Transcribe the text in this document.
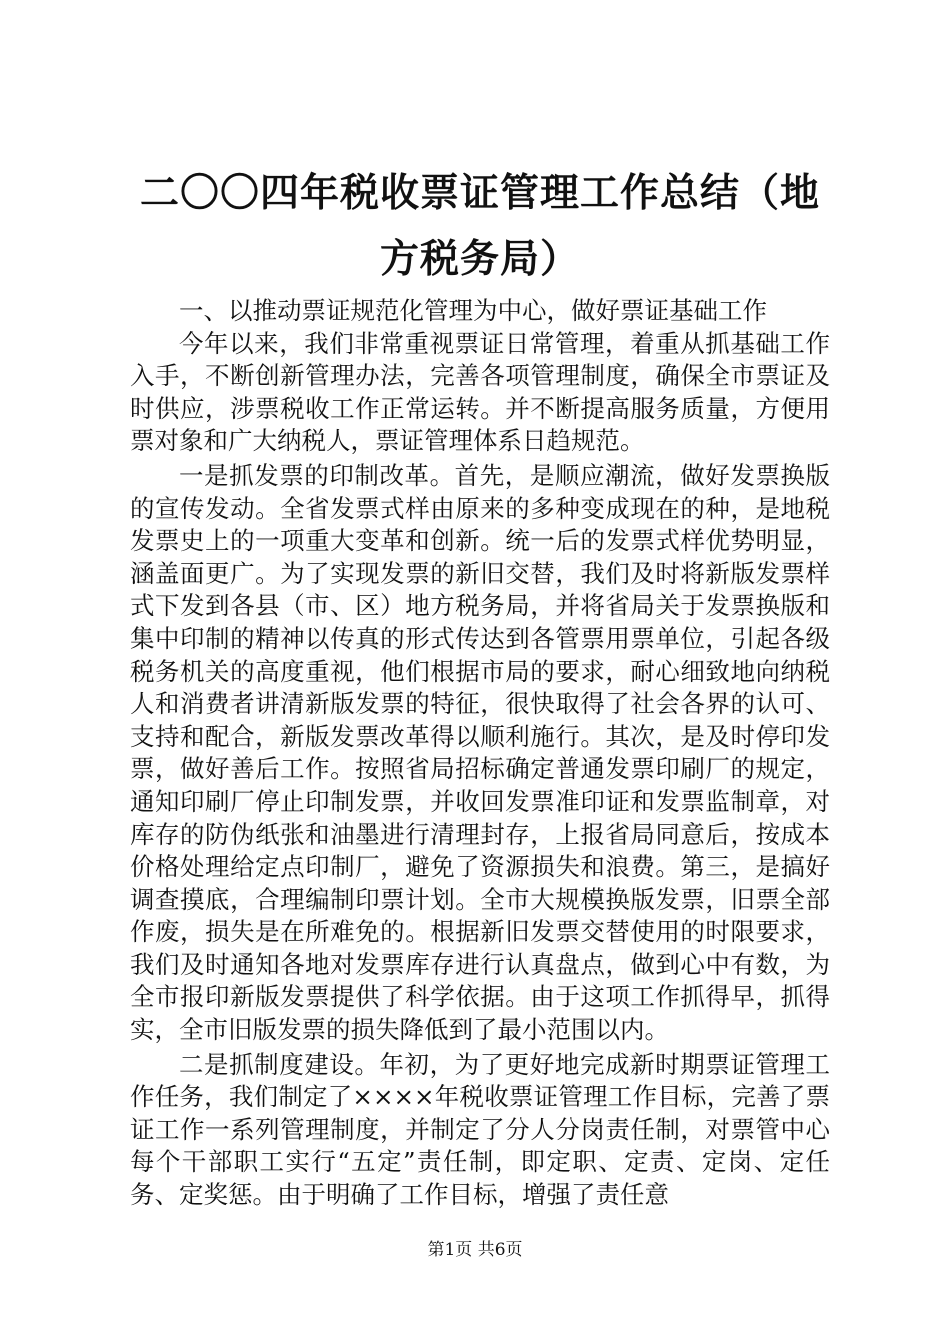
二〇〇四年税收票证管理工作总结（地方税务局）

一、以推动票证规范化管理为中心，做好票证基础工作

今年以来，我们非常重视票证日常管理，着重从抓基础工作入手，不断创新管理办法，完善各项管理制度，确保全市票证及时供应，涉票税收工作正常运转。并不断提高服务质量，方便用票对象和广大纳税人，票证管理体系日趋规范。

一是抓发票的印制改革。首先，是顺应潮流，做好发票换版的宣传发动。全省发票式样由原来的多种变成现在的种，是地税发票史上的一项重大变革和创新。统一后的发票式样优势明显，涵盖面更广。为了实现发票的新旧交替，我们及时将新版发票样式下发到各县（市、区）地方税务局，并将省局关于发票换版和集中印制的精神以传真的形式传达到各管票用票单位，引起各级税务机关的高度重视，他们根据市局的要求，耐心细致地向纳税人和消费者讲清新版发票的特征，很快取得了社会各界的认可、支持和配合，新版发票改革得以顺利施行。其次，是及时停印发票，做好善后工作。按照省局招标确定普通发票印刷厂的规定，通知印刷厂停止印制发票，并收回发票准印证和发票监制章，对库存的防伪纸张和油墨进行清理封存，上报省局同意后，按成本价格处理给定点印制厂，避免了资源损失和浪费。第三，是搞好调查摸底，合理编制印票计划。全市大规模换版发票，旧票全部作废，损失是在所难免的。根据新旧发票交替使用的时限要求，我们及时通知各地对发票库存进行认真盘点，做到心中有数，为全市报印新版发票提供了科学依据。由于这项工作抓得早，抓得实，全市旧版发票的损失降低到了最小范围以内。

二是抓制度建设。年初，为了更好地完成新时期票证管理工作任务，我们制定了××××年税收票证管理工作目标，完善了票证工作一系列管理制度，并制定了分人分岗责任制，对票管中心每个干部职工实行“五定”责任制，即定职、定责、定岗、定任务、定奖惩。由于明确了工作目标，增强了责任意

第1页 共6页
